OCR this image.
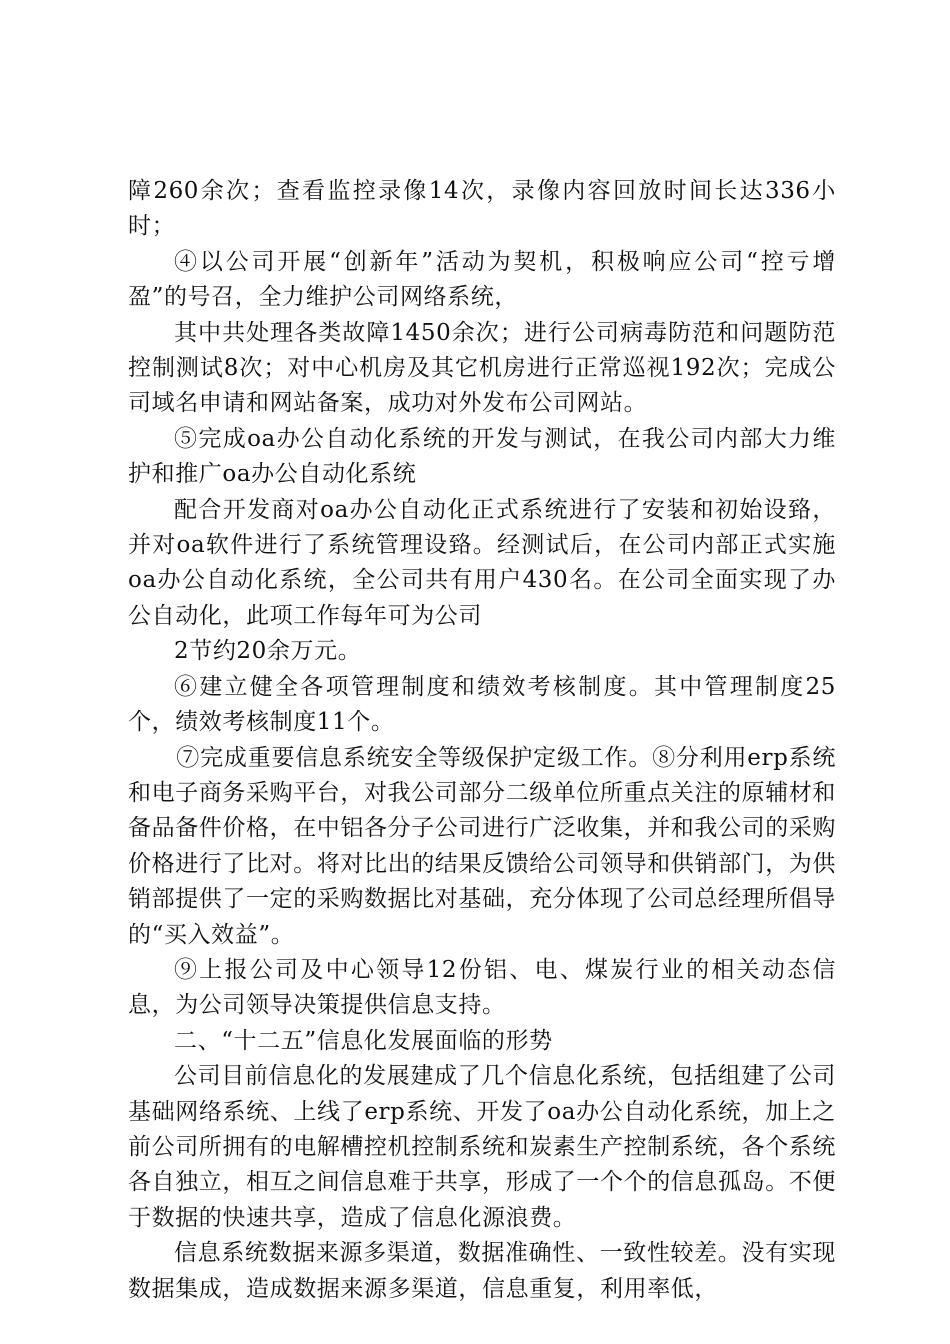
障260余次；查看监控录像14次，录像内容回放时间长达336小时；

④以公司开展“创新年”活动为契机，积极响应公司“控亏增盈”的号召，全力维护公司网络系统，

其中共处理各类故障1450余次；进行公司病毒防范和问题防范控制测试8次；对中心机房及其它机房进行正常巡视192次；完成公司域名申请和网站备案，成功对外发布公司网站。

⑤完成oa办公自动化系统的开发与测试，在我公司内部大力维护和推广oa办公自动化系统

配合开发商对oa办公自动化正式系统进行了安装和初始设臵，并对oa软件进行了系统管理设臵。经测试后，在公司内部正式实施oa办公自动化系统，全公司共有用户430名。在公司全面实现了办公自动化，此项工作每年可为公司

2节约20余万元。

⑥建立健全各项管理制度和绩效考核制度。其中管理制度25个，绩效考核制度11个。

⑦完成重要信息系统安全等级保护定级工作。⑧分利用erp系统和电子商务采购平台，对我公司部分二级单位所重点关注的原辅材和备品备件价格，在中铝各分子公司进行广泛收集，并和我公司的采购价格进行了比对。将对比出的结果反馈给公司领导和供销部门，为供销部提供了一定的采购数据比对基础，充分体现了公司总经理所倡导的“买入效益”。

⑨上报公司及中心领导12份铝、电、煤炭行业的相关动态信息，为公司领导决策提供信息支持。

二、“十二五”信息化发展面临的形势

公司目前信息化的发展建成了几个信息化系统，包括组建了公司基础网络系统、上线了erp系统、开发了oa办公自动化系统，加上之前公司所拥有的电解槽控机控制系统和炭素生产控制系统，各个系统各自独立，相互之间信息难于共享，形成了一个个的信息孤岛。不便于数据的快速共享，造成了信息化源浪费。

信息系统数据来源多渠道，数据准确性、一致性较差。没有实现数据集成，造成数据来源多渠道，信息重复，利用率低，
